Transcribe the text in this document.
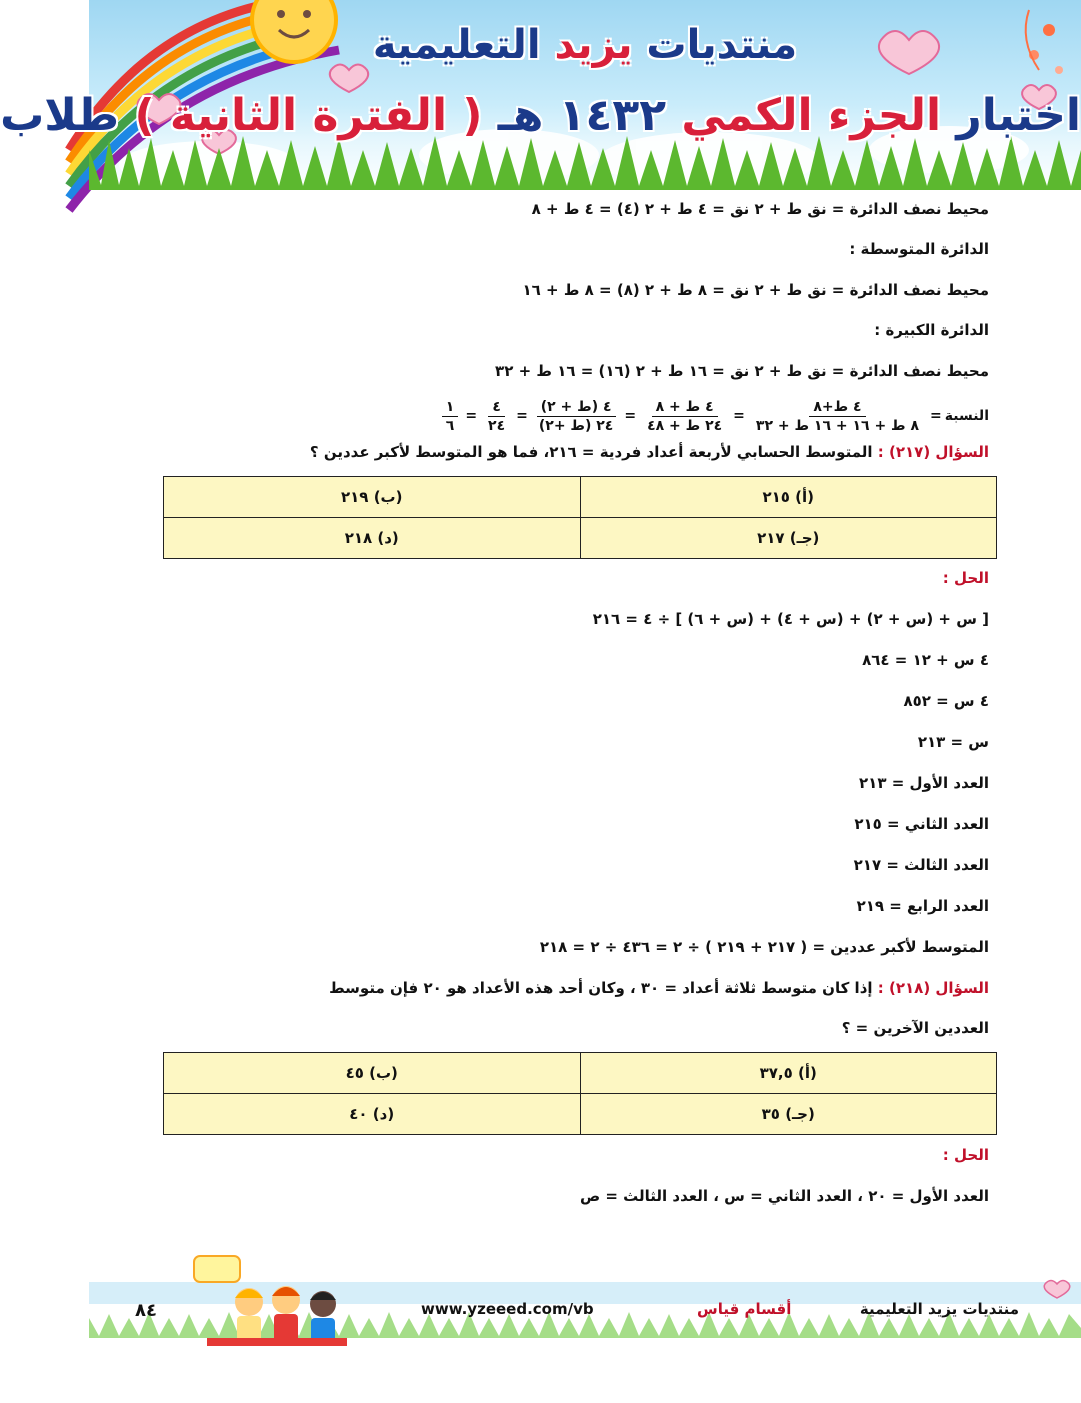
منتديات يزيد التعليمية
اختبار الجزء الكمي ١٤٣٢ هـ ( الفترة الثانية ) طلاب
محيط نصف الدائرة = نق ط + ٢ نق = ٤ ط + ٢ (٤) = ٤ ط + ٨
الدائرة المتوسطة :
محيط نصف الدائرة = نق ط + ٢ نق = ٨ ط + ٢ (٨) = ٨ ط + ١٦
الدائرة الكبيرة :
محيط نصف الدائرة = نق ط + ٢ نق = ١٦ ط + ٢ (١٦) = ١٦ ط + ٣٢
النسبة
=
$\frac{\text{٤ ط+٨}}{\text{٨ ط + ١٦ + ١٦ ط + ٣٢}}$
=
$\frac{\text{٤ ط + ٨}}{\text{٢٤ ط + ٤٨}}$
=
$\frac{\text{٤ (ط + ٢)}}{\text{٢٤ (ط +٢)}}$
=
$\frac{٤}{٢٤}$
=
$\frac{١}{٦}$
السؤال (٢١٧) : المتوسط الحسابي لأربعة أعداد فردية = ٢١٦، فما هو المتوسط لأكبر عددين ؟
(أ) ٢١٥	(ب) ٢١٩
(جـ) ٢١٧	(د) ٢١٨
الحل :
[ س + (س + ٢) + (س + ٤) + (س + ٦) ] ÷ ٤ = ٢١٦
٤ س + ١٢ = ٨٦٤
٤ س = ٨٥٢
س = ٢١٣
العدد الأول = ٢١٣
العدد الثاني = ٢١٥
العدد الثالث = ٢١٧
العدد الرابع = ٢١٩
المتوسط لأكبر عددين = ( ٢١٧ + ٢١٩ ) ÷ ٢ = ٤٣٦ ÷ ٢ = ٢١٨
السؤال (٢١٨) : إذا كان متوسط ثلاثة أعداد = ٣٠ ، وكان أحد هذه الأعداد هو ٢٠ فإن متوسط
العددين الآخرين = ؟
(أ) ٣٧,٥	(ب) ٤٥
(جـ) ٣٥	(د) ٤٠
الحل :
العدد الأول = ٢٠ ، العدد الثاني = س ، العدد الثالث = ص
منتديات يزيد التعليمية
أقسام قياس
www.yzeeed.com/vb
٨٤
